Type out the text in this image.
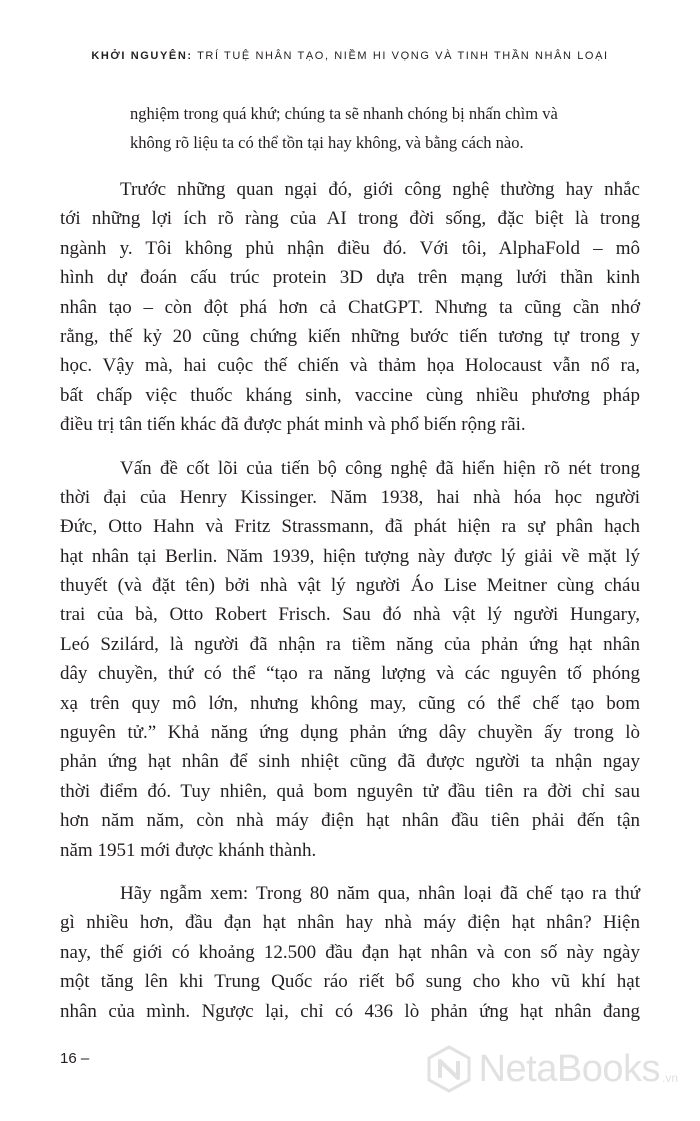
KHỞI NGUYÊN: TRÍ TUỆ NHÂN TẠO, NIỀM HI VỌNG VÀ TINH THẦN NHÂN LOẠI

nghiệm trong quá khứ; chúng ta sẽ nhanh chóng bị nhấn chìm và

không rõ liệu ta có thể tồn tại hay không, và bằng cách nào.

Trước những quan ngại đó, giới công nghệ thường hay nhắc
tới những lợi ích rõ ràng của AI trong đời sống, đặc biệt là trong
ngành y. Tôi không phủ nhận điều đó. Với tôi, AlphaFold – mô
hình dự đoán cấu trúc protein 3D dựa trên mạng lưới thần kinh
nhân tạo – còn đột phá hơn cả ChatGPT. Nhưng ta cũng cần nhớ
rằng, thế kỷ 20 cũng chứng kiến những bước tiến tương tự trong y
học. Vậy mà, hai cuộc thế chiến và thảm họa Holocaust vẫn nổ ra,
bất chấp việc thuốc kháng sinh, vaccine cùng nhiều phương pháp
điều trị tân tiến khác đã được phát minh và phổ biến rộng rãi.
Vấn đề cốt lõi của tiến bộ công nghệ đã hiển hiện rõ nét trong
thời đại của Henry Kissinger. Năm 1938, hai nhà hóa học người
Đức, Otto Hahn và Fritz Strassmann, đã phát hiện ra sự phân hạch
hạt nhân tại Berlin. Năm 1939, hiện tượng này được lý giải về mặt lý
thuyết (và đặt tên) bởi nhà vật lý người Áo Lise Meitner cùng cháu
trai của bà, Otto Robert Frisch. Sau đó nhà vật lý người Hungary,
Leó Szilárd, là người đã nhận ra tiềm năng của phản ứng hạt nhân
dây chuyền, thứ có thể “tạo ra năng lượng và các nguyên tố phóng
xạ trên quy mô lớn, nhưng không may, cũng có thể chế tạo bom
nguyên tử.” Khả năng ứng dụng phản ứng dây chuyền ấy trong lò
phản ứng hạt nhân để sinh nhiệt cũng đã được người ta nhận ngay
thời điểm đó. Tuy nhiên, quả bom nguyên tử đầu tiên ra đời chỉ sau
hơn năm năm, còn nhà máy điện hạt nhân đầu tiên phải đến tận
năm 1951 mới được khánh thành.
Hãy ngẫm xem: Trong 80 năm qua, nhân loại đã chế tạo ra thứ
gì nhiều hơn, đầu đạn hạt nhân hay nhà máy điện hạt nhân? Hiện
nay, thế giới có khoảng 12.500 đầu đạn hạt nhân và con số này ngày
một tăng lên khi Trung Quốc ráo riết bổ sung cho kho vũ khí hạt
nhân của mình. Ngược lại, chỉ có 436 lò phản ứng hạt nhân đang
16 –	NetaBooks .vn
